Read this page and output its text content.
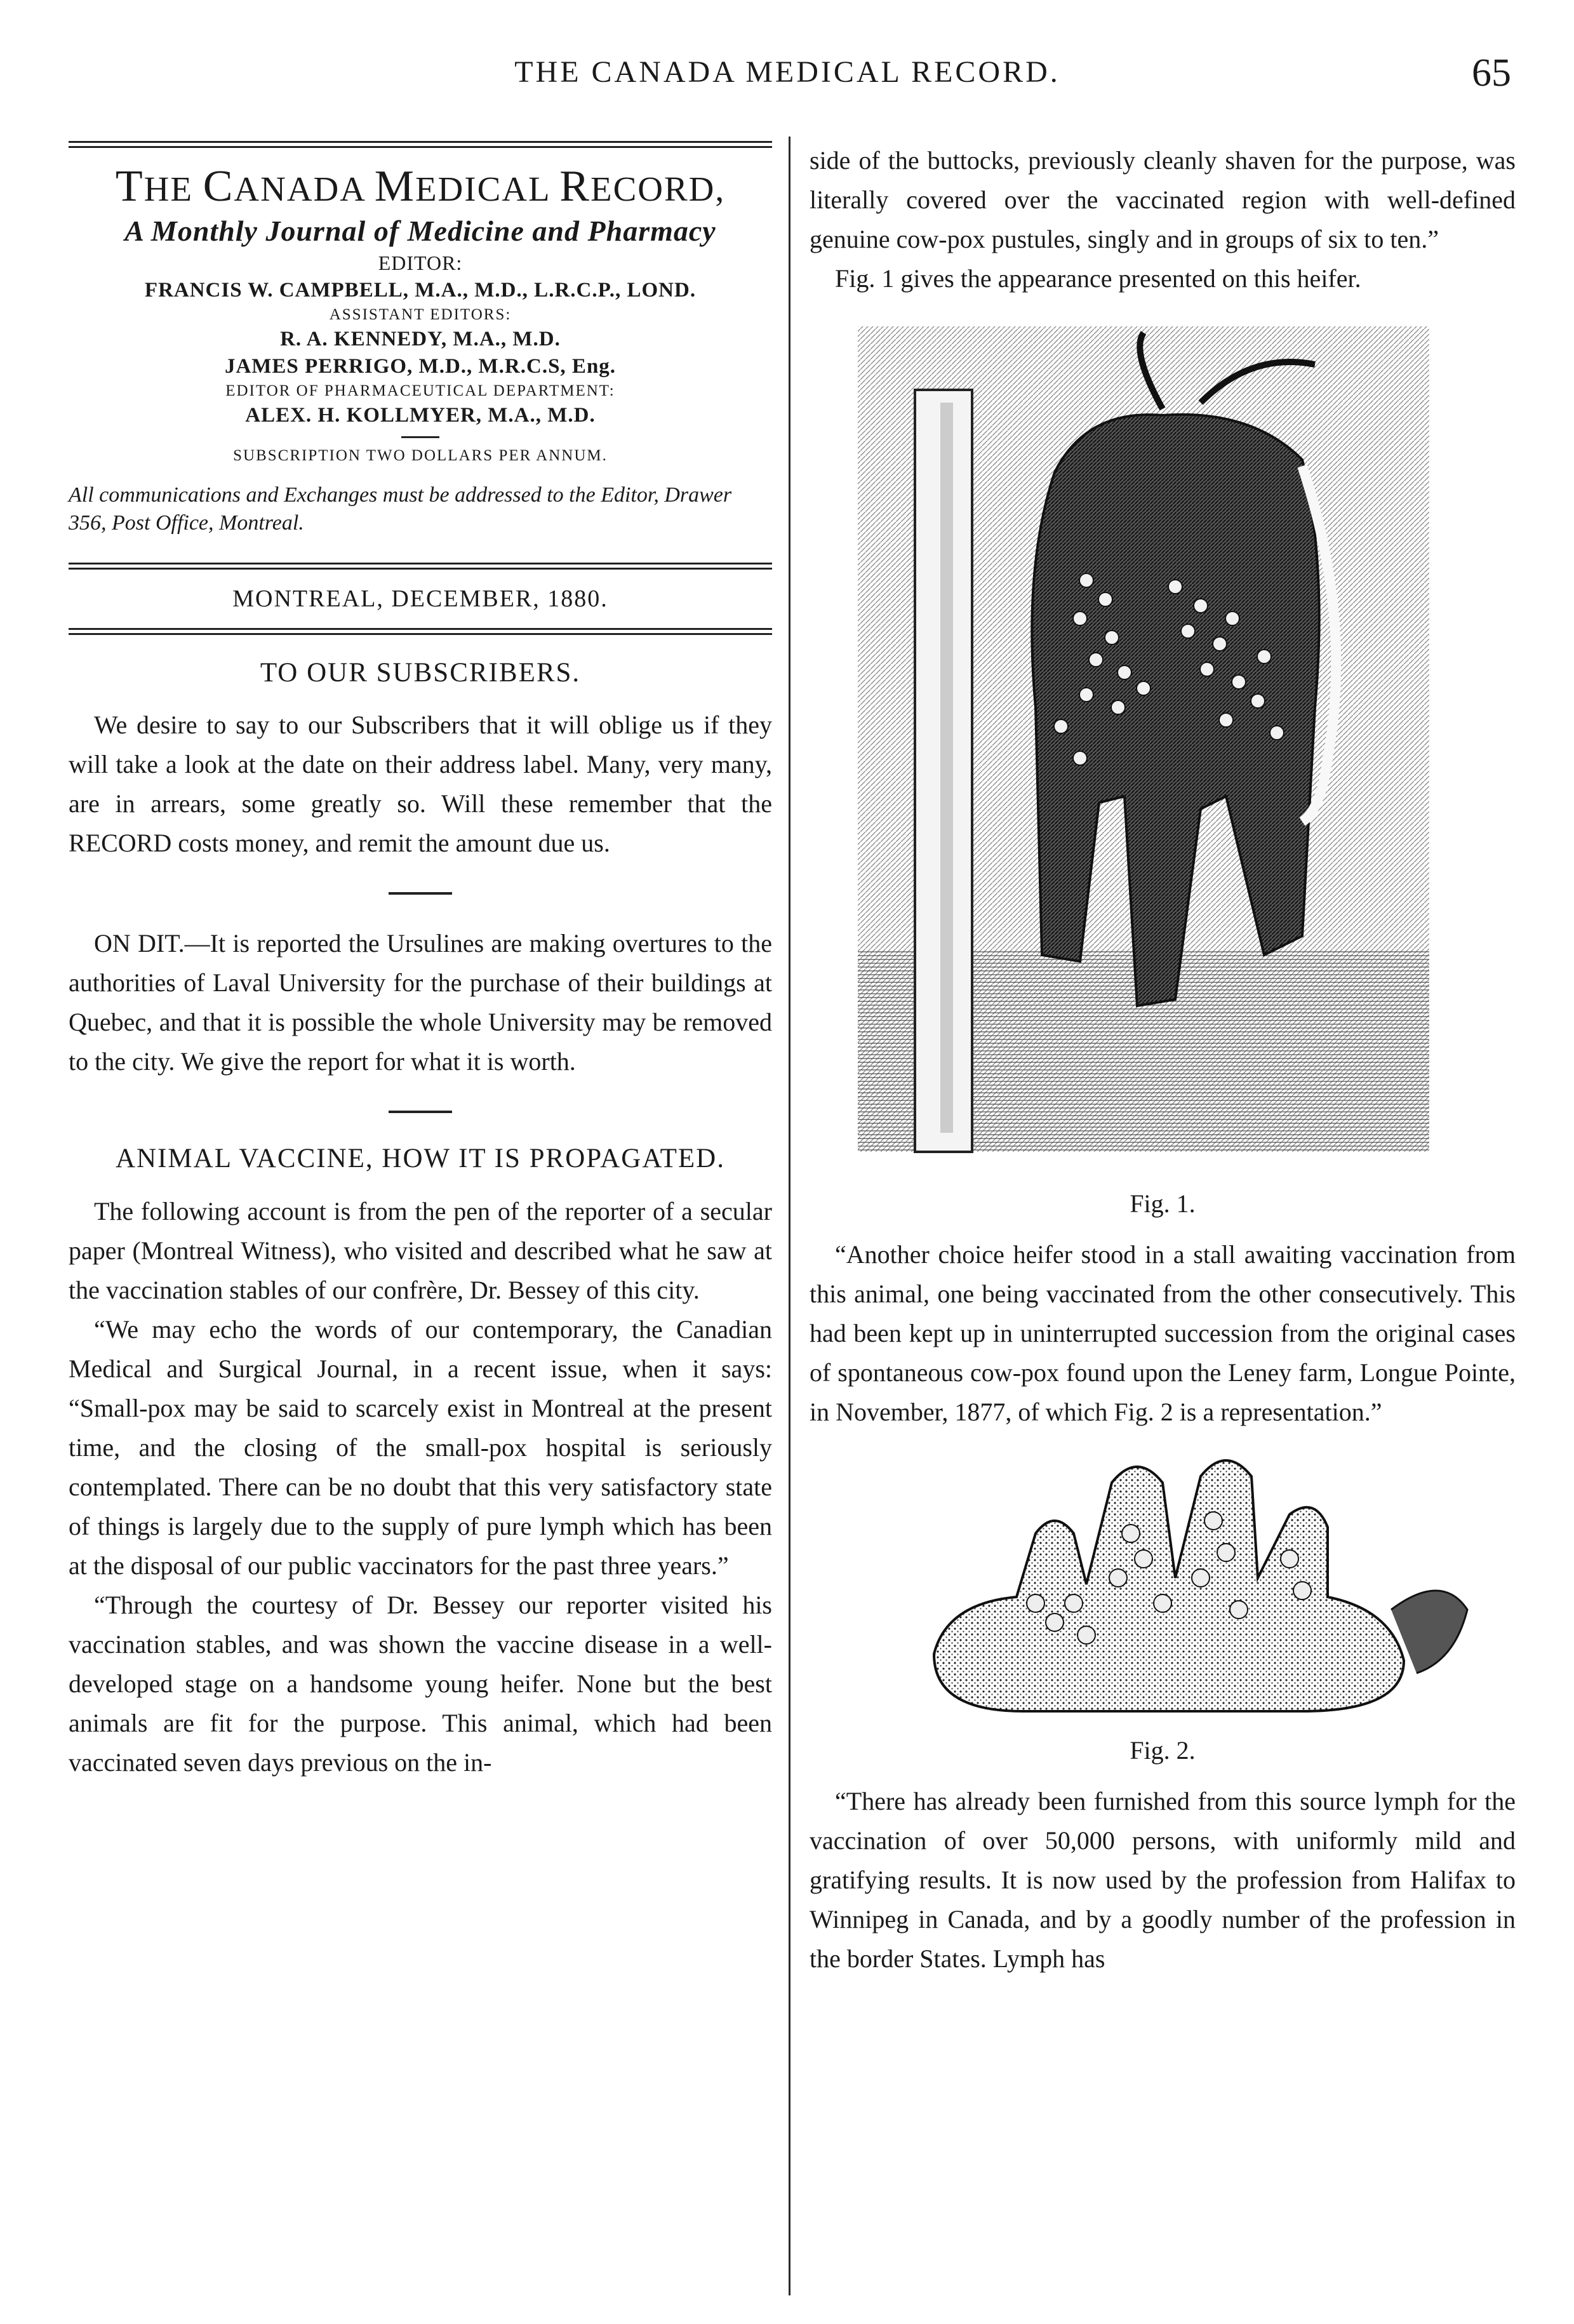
THE CANADA MEDICAL RECORD.	65
THE CANADA MEDICAL RECORD,
A Monthly Journal of Medicine and Pharmacy
EDITOR:
FRANCIS W. CAMPBELL, M.A., M.D., L.R.C.P., LOND.
ASSISTANT EDITORS:
R. A. KENNEDY, M.A., M.D.
JAMES PERRIGO, M.D., M.R.C.S, Eng.
EDITOR OF PHARMACEUTICAL DEPARTMENT:
ALEX. H. KOLLMYER, M.A., M.D.
SUBSCRIPTION TWO DOLLARS PER ANNUM.
All communications and Exchanges must be addressed to the Editor, Drawer 356, Post Office, Montreal.
MONTREAL, DECEMBER, 1880.
TO OUR SUBSCRIBERS.

We desire to say to our Subscribers that it will oblige us if they will take a look at the date on their address label. Many, very many, are in arrears, some greatly so. Will these remember that the RECORD costs money, and remit the amount due us.

ON DIT.—It is reported the Ursulines are making overtures to the authorities of Laval University for the purchase of their buildings at Quebec, and that it is possible the whole University may be removed to the city. We give the report for what it is worth.

ANIMAL VACCINE, HOW IT IS PROPAGATED.

The following account is from the pen of the reporter of a secular paper (Montreal Witness), who visited and described what he saw at the vaccination stables of our confrère, Dr. Bessey of this city.

“We may echo the words of our contemporary, the Canadian Medical and Surgical Journal, in a recent issue, when it says: “Small-pox may be said to scarcely exist in Montreal at the present time, and the closing of the small-pox hospital is seriously contemplated. There can be no doubt that this very satisfactory state of things is largely due to the supply of pure lymph which has been at the disposal of our public vaccinators for the past three years.”

“Through the courtesy of Dr. Bessey our reporter visited his vaccination stables, and was shown the vaccine disease in a well-developed stage on a handsome young heifer. None but the best animals are fit for the purpose. This animal, which had been vaccinated seven days previous on the in-

side of the buttocks, previously cleanly shaven for the purpose, was literally covered over the vaccinated region with well-defined genuine cow-pox pustules, singly and in groups of six to ten.”

Fig. 1 gives the appearance presented on this heifer.

Fig. 1.

“Another choice heifer stood in a stall awaiting vaccination from this animal, one being vaccinated from the other consecutively. This had been kept up in uninterrupted succession from the original cases of spontaneous cow-pox found upon the Leney farm, Longue Pointe, in November, 1877, of which Fig. 2 is a representation.”

Fig. 2.

“There has already been furnished from this source lymph for the vaccination of over 50,000 persons, with uniformly mild and gratifying results. It is now used by the profession from Halifax to Winnipeg in Canada, and by a goodly number of the profession in the border States. Lymph has
